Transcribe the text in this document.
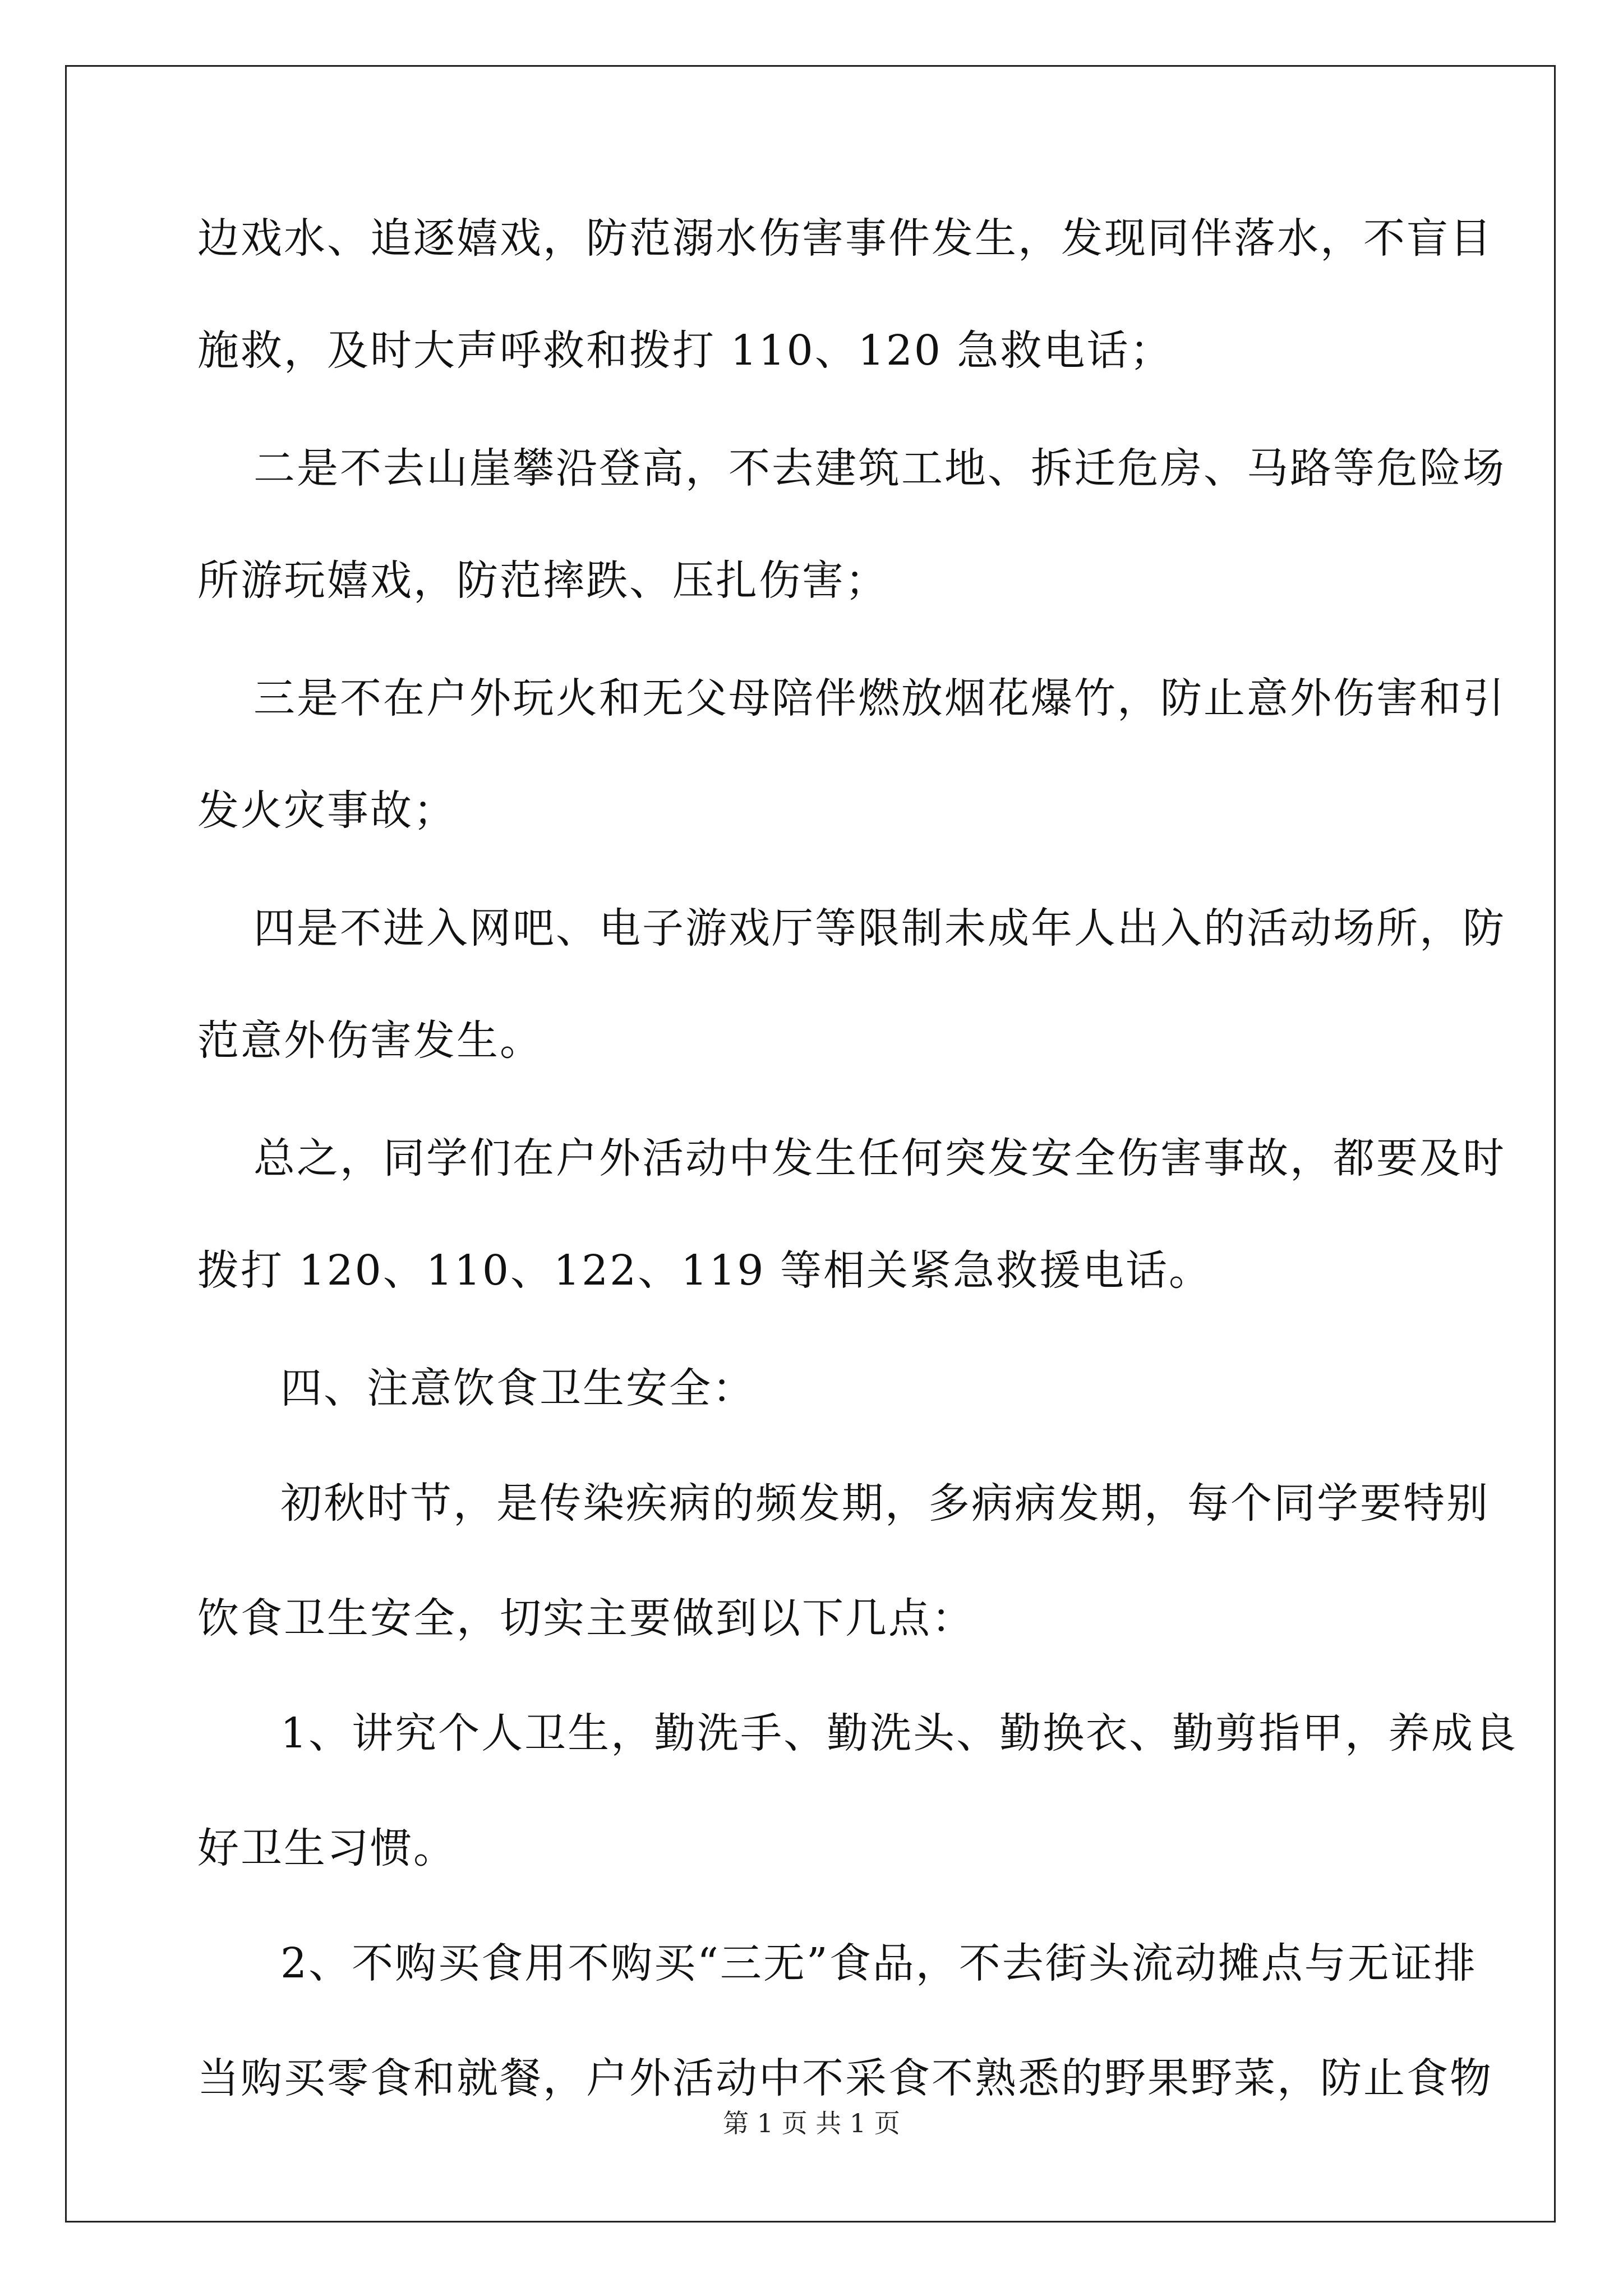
边戏水、追逐嬉戏，防范溺水伤害事件发生，发现同伴落水，不盲目
施救，及时大声呼救和拨打 110、120 急救电话；
二是不去山崖攀沿登高，不去建筑工地、拆迁危房、马路等危险场
所游玩嬉戏，防范摔跌、压扎伤害；
三是不在户外玩火和无父母陪伴燃放烟花爆竹，防止意外伤害和引
发火灾事故；
四是不进入网吧、电子游戏厅等限制未成年人出入的活动场所，防
范意外伤害发生。
总之，同学们在户外活动中发生任何突发安全伤害事故，都要及时
拨打 120、110、122、119 等相关紧急救援电话。
四、注意饮食卫生安全：
初秋时节，是传染疾病的频发期，多病病发期，每个同学要特别
饮食卫生安全，切实主要做到以下几点：
1、讲究个人卫生，勤洗手、勤洗头、勤换衣、勤剪指甲，养成良
好卫生习惯。
2、不购买食用不购买“三无”食品，不去街头流动摊点与无证排
当购买零食和就餐，户外活动中不采食不熟悉的野果野菜，防止食物
第 1 页 共 1 页
